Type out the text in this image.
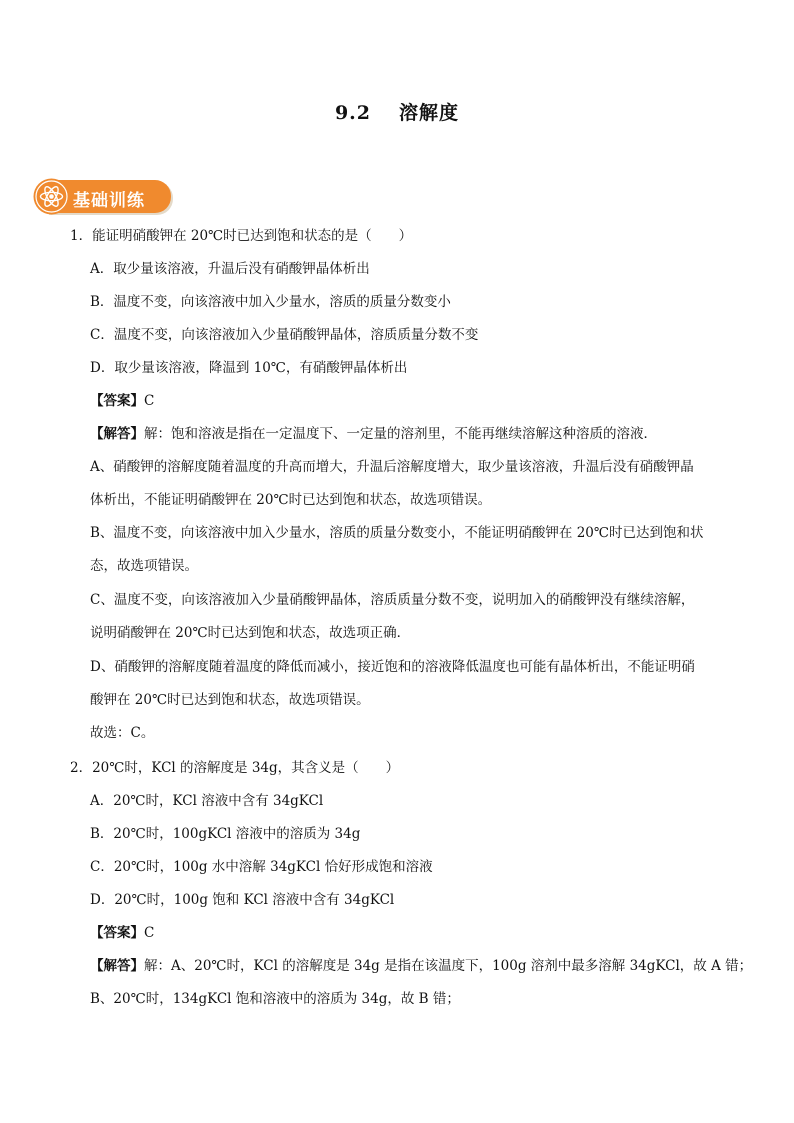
9.2 溶解度
基础训练
1．能证明硝酸钾在 20℃时已达到饱和状态的是（　　）
A．取少量该溶液，升温后没有硝酸钾晶体析出
B．温度不变，向该溶液中加入少量水，溶质的质量分数变小
C．温度不变，向该溶液加入少量硝酸钾晶体，溶质质量分数不变
D．取少量该溶液，降温到 10℃，有硝酸钾晶体析出
【答案】C
【解答】解：饱和溶液是指在一定温度下、一定量的溶剂里，不能再继续溶解这种溶质的溶液．
A、硝酸钾的溶解度随着温度的升高而增大，升温后溶解度增大，取少量该溶液，升温后没有硝酸钾晶
体析出，不能证明硝酸钾在 20℃时已达到饱和状态，故选项错误。
B、温度不变，向该溶液中加入少量水，溶质的质量分数变小，不能证明硝酸钾在 20℃时已达到饱和状
态，故选项错误。
C、温度不变，向该溶液加入少量硝酸钾晶体，溶质质量分数不变，说明加入的硝酸钾没有继续溶解，
说明硝酸钾在 20℃时已达到饱和状态，故选项正确．
D、硝酸钾的溶解度随着温度的降低而减小，接近饱和的溶液降低温度也可能有晶体析出，不能证明硝
酸钾在 20℃时已达到饱和状态，故选项错误。
故选：C。
2．20℃时，KCl 的溶解度是 34g，其含义是（　　）
A．20℃时，KCl 溶液中含有 34gKCl
B．20℃时，100gKCl 溶液中的溶质为 34g
C．20℃时，100g 水中溶解 34gKCl 恰好形成饱和溶液
D．20℃时，100g 饱和 KCl 溶液中含有 34gKCl
【答案】C
【解答】解：A、20℃时，KCl 的溶解度是 34g 是指在该温度下，100g 溶剂中最多溶解 34gKCl，故 A 错；
B、20℃时，134gKCl 饱和溶液中的溶质为 34g，故 B 错；
